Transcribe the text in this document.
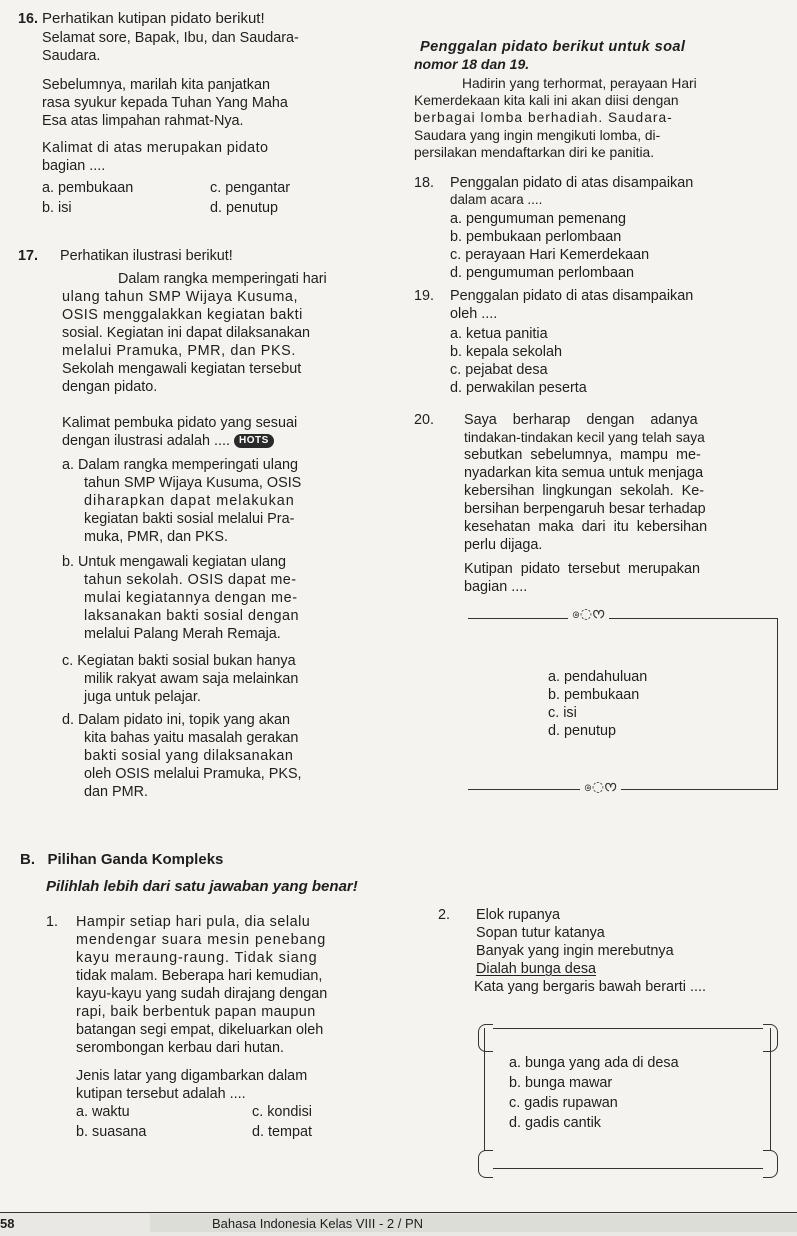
16. Perhatikan kutipan pidato berikut!
Selamat sore, Bapak, Ibu, dan Saudara-
Saudara.
Sebelumnya, marilah kita panjatkan
rasa syukur kepada Tuhan Yang Maha
Esa atas limpahan rahmat-Nya.
Kalimat di atas merupakan pidato
bagian ....
a. pembukaan	c. pengantar
b. isi	d. penutup
17. Perhatikan ilustrasi berikut!
Dalam rangka memperingati hari
ulang tahun SMP Wijaya Kusuma,
OSIS menggalakkan kegiatan bakti
sosial. Kegiatan ini dapat dilaksanakan
melalui Pramuka, PMR, dan PKS.
Sekolah mengawali kegiatan tersebut
dengan pidato.
Kalimat pembuka pidato yang sesuai
dengan ilustrasi adalah .... HOTS
a. Dalam rangka memperingati ulang
tahun SMP Wijaya Kusuma, OSIS
diharapkan dapat melakukan
kegiatan bakti sosial melalui Pra-
muka, PMR, dan PKS.
b. Untuk mengawali kegiatan ulang
tahun sekolah. OSIS dapat me-
mulai kegiatannya dengan me-
laksanakan bakti sosial dengan
melalui Palang Merah Remaja.
c. Kegiatan bakti sosial bukan hanya
milik rakyat awam saja melainkan
juga untuk pelajar.
d. Dalam pidato ini, topik yang akan
kita bahas yaitu masalah gerakan
bakti sosial yang dilaksanakan
oleh OSIS melalui Pramuka, PKS,
dan PMR.
Penggalan pidato berikut untuk soal
nomor 18 dan 19.
Hadirin yang terhormat, perayaan Hari
Kemerdekaan kita kali ini akan diisi dengan
berbagai lomba berhadiah. Saudara-
Saudara yang ingin mengikuti lomba, di-
persilakan mendaftarkan diri ke panitia.
18. Penggalan pidato di atas disampaikan
dalam acara ....
a. pengumuman pemenang
b. pembukaan perlombaan
c. perayaan Hari Kemerdekaan
d. pengumuman perlombaan
19. Penggalan pidato di atas disampaikan
oleh ....
a. ketua panitia
b. kepala sekolah
c. pejabat desa
d. perwakilan peserta
20. Saya    berharap    dengan    adanya
tindakan-tindakan kecil yang telah saya
sebutkan  sebelumnya,  mampu  me-
nyadarkan kita semua untuk menjaga
kebersihan  lingkungan  sekolah.  Ke-
bersihan berpengaruh besar terhadap
kesehatan  maka  dari  itu  kebersihan
perlu dijaga.
Kutipan  pidato  tersebut  merupakan
bagian ....
ၜ◌ᰔ
ၜ◌ᰔ
a. pendahuluan
b. pembukaan
c. isi
d. penutup
B.   Pilihan Ganda Kompleks
Pilihlah lebih dari satu jawaban yang benar!
1. Hampir setiap hari pula, dia selalu
mendengar suara mesin penebang
kayu meraung-raung. Tidak siang
tidak malam. Beberapa hari kemudian,
kayu-kayu yang sudah dirajang dengan
rapi, baik berbentuk papan maupun
batangan segi empat, dikeluarkan oleh
serombongan kerbau dari hutan.
Jenis latar yang digambarkan dalam
kutipan tersebut adalah ....
a. waktu	c. kondisi
b. suasana	d. tempat
2. Elok rupanya
Sopan tutur katanya
Banyak yang ingin merebutnya
Dialah bunga desa
Kata yang bergaris bawah berarti ....
a. bunga yang ada di desa
b. bunga mawar
c. gadis rupawan
d. gadis cantik
58	Bahasa Indonesia Kelas VIII - 2 / PN
